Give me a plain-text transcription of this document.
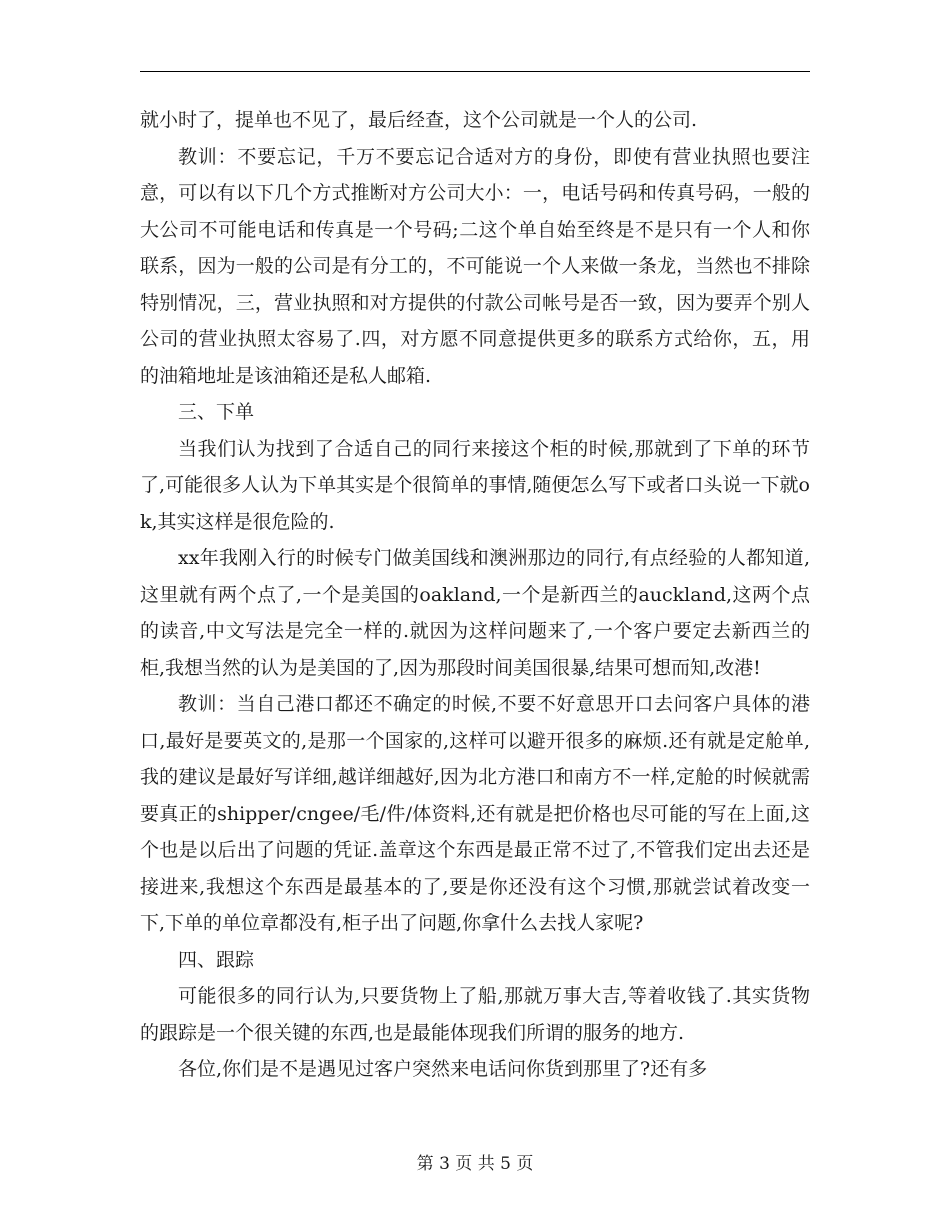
就小时了，提单也不见了，最后经查，这个公司就是一个人的公司.

教训：不要忘记，千万不要忘记合适对方的身份，即使有营业执照也要注意，可以有以下几个方式推断对方公司大小：一，电话号码和传真号码，一般的大公司不可能电话和传真是一个号码;二这个单自始至终是不是只有一个人和你联系，因为一般的公司是有分工的，不可能说一个人来做一条龙，当然也不排除特别情况，三，营业执照和对方提供的付款公司帐号是否一致，因为要弄个别人公司的营业执照太容易了.四，对方愿不同意提供更多的联系方式给你，五，用的油箱地址是该油箱还是私人邮箱.

三、下单

当我们认为找到了合适自己的同行来接这个柜的时候,那就到了下单的环节了,可能很多人认为下单其实是个很简单的事情,随便怎么写下或者口头说一下就ok,其实这样是很危险的.

xx年我刚入行的时候专门做美国线和澳洲那边的同行,有点经验的人都知道,这里就有两个点了,一个是美国的oakland,一个是新西兰的auckland,这两个点的读音,中文写法是完全一样的.就因为这样问题来了,一个客户要定去新西兰的柜,我想当然的认为是美国的了,因为那段时间美国很暴,结果可想而知,改港!

教训：当自己港口都还不确定的时候,不要不好意思开口去问客户具体的港口,最好是要英文的,是那一个国家的,这样可以避开很多的麻烦.还有就是定舱单,我的建议是最好写详细,越详细越好,因为北方港口和南方不一样,定舱的时候就需要真正的shipper/cngee/毛/件/体资料,还有就是把价格也尽可能的写在上面,这个也是以后出了问题的凭证.盖章这个东西是最正常不过了,不管我们定出去还是接进来,我想这个东西是最基本的了,要是你还没有这个习惯,那就尝试着改变一下,下单的单位章都没有,柜子出了问题,你拿什么去找人家呢?

四、跟踪

可能很多的同行认为,只要货物上了船,那就万事大吉,等着收钱了.其实货物的跟踪是一个很关键的东西,也是最能体现我们所谓的服务的地方.

各位,你们是不是遇见过客户突然来电话问你货到那里了?还有多

第 3 页 共 5 页
